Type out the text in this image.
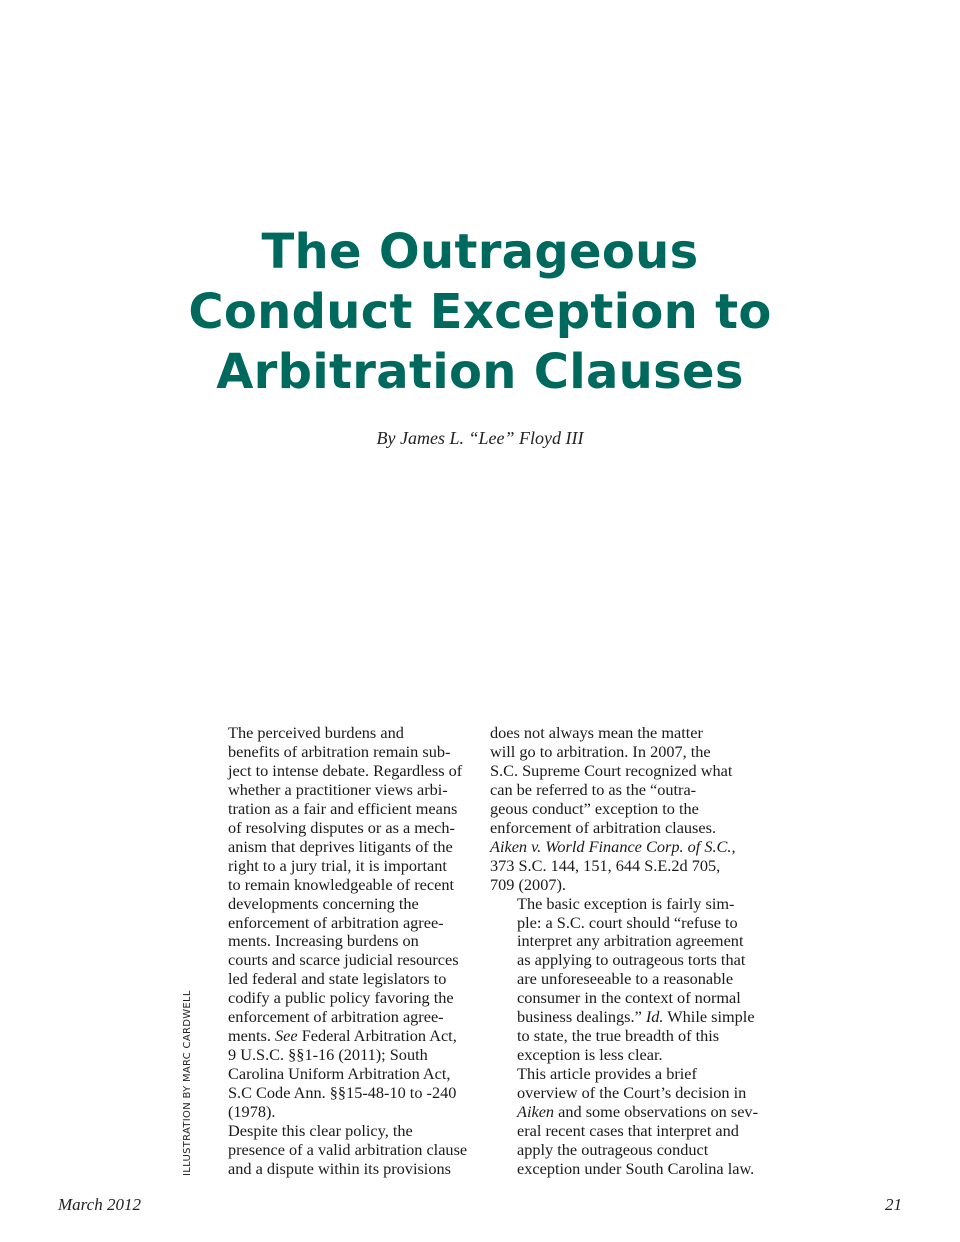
The Outrageous
Conduct Exception to
Arbitration Clauses

By James L. “Lee” Floyd III

The perceived burdens and
benefits of arbitration remain sub-
ject to intense debate. Regardless of
whether a practitioner views arbi-
tration as a fair and efficient means
of resolving disputes or as a mech-
anism that deprives litigants of the
right to a jury trial, it is important
to remain knowledgeable of recent
developments concerning the
enforcement of arbitration agree-
ments. Increasing burdens on
courts and scarce judicial resources
led federal and state legislators to
codify a public policy favoring the
enforcement of arbitration agree-
ments. See Federal Arbitration Act,
9 U.S.C. §§1-16 (2011); South
Carolina Uniform Arbitration Act,
S.C Code Ann. §§15-48-10 to -240
(1978).

Despite this clear policy, the
presence of a valid arbitration clause
and a dispute within its provisions

does not always mean the matter
will go to arbitration. In 2007, the
S.C. Supreme Court recognized what
can be referred to as the “outra-
geous conduct” exception to the
enforcement of arbitration clauses.
Aiken v. World Finance Corp. of S.C.,
373 S.C. 144, 151, 644 S.E.2d 705,
709 (2007).

The basic exception is fairly sim-
ple: a S.C. court should “refuse to
interpret any arbitration agreement
as applying to outrageous torts that
are unforeseeable to a reasonable
consumer in the context of normal
business dealings.” Id. While simple
to state, the true breadth of this
exception is less clear.

This article provides a brief
overview of the Court’s decision in
Aiken and some observations on sev-
eral recent cases that interpret and
apply the outrageous conduct
exception under South Carolina law.

ILLUSTRATION BY MARC CARDWELL
March 2012	21
